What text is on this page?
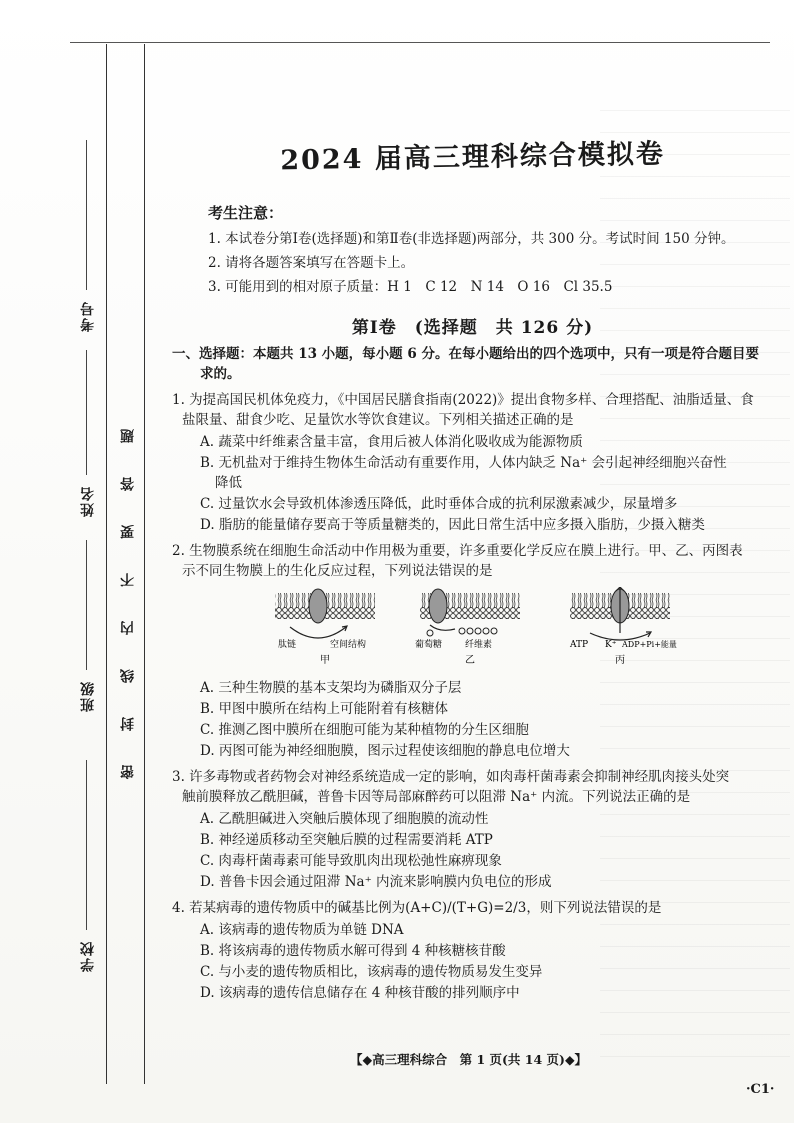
学校
班级
姓名
考号
密封线内不要答题
2024 届高三理科综合模拟卷
考生注意：
1. 本试卷分第Ⅰ卷(选择题)和第Ⅱ卷(非选择题)两部分，共 300 分。考试时间 150 分钟。
2. 请将各题答案填写在答题卡上。
3. 可能用到的相对原子质量：H 1　C 12　N 14　O 16　Cl 35.5
第Ⅰ卷　(选择题　共 126 分)
一、选择题：本题共 13 小题，每小题 6 分。在每小题给出的四个选项中，只有一项是符合题目要
求的。
1. 为提高国民机体免疫力，《中国居民膳食指南(2022)》提出食物多样、合理搭配、油脂适量、食
盐限量、甜食少吃、足量饮水等饮食建议。下列相关描述正确的是
A. 蔬菜中纤维素含量丰富，食用后被人体消化吸收成为能源物质
B. 无机盐对于维持生物体生命活动有重要作用，人体内缺乏 Na⁺ 会引起神经细胞兴奋性
降低
C. 过量饮水会导致机体渗透压降低，此时垂体合成的抗利尿激素减少，尿量增多
D. 脂肪的能量储存要高于等质量糖类的，因此日常生活中应多摄入脂肪，少摄入糖类
2. 生物膜系统在细胞生命活动中作用极为重要，许多重要化学反应在膜上进行。甲、乙、丙图表
示不同生物膜上的生化反应过程，下列说法错误的是
肽链	空间结构
甲
葡萄糖	纤维素
乙
ATP K⁺ ADP+Pi+能量
丙
A. 三种生物膜的基本支架均为磷脂双分子层
B. 甲图中膜所在结构上可能附着有核糖体
C. 推测乙图中膜所在细胞可能为某种植物的分生区细胞
D. 丙图可能为神经细胞膜，图示过程使该细胞的静息电位增大
3. 许多毒物或者药物会对神经系统造成一定的影响，如肉毒杆菌毒素会抑制神经肌肉接头处突
触前膜释放乙酰胆碱，普鲁卡因等局部麻醉药可以阻滞 Na⁺ 内流。下列说法正确的是
A. 乙酰胆碱进入突触后膜体现了细胞膜的流动性
B. 神经递质移动至突触后膜的过程需要消耗 ATP
C. 肉毒杆菌毒素可能导致肌肉出现松弛性麻痹现象
D. 普鲁卡因会通过阻滞 Na⁺ 内流来影响膜内负电位的形成
4. 若某病毒的遗传物质中的碱基比例为(A+C)/(T+G)=2/3，则下列说法错误的是
A. 该病毒的遗传物质为单链 DNA
B. 将该病毒的遗传物质水解可得到 4 种核糖核苷酸
C. 与小麦的遗传物质相比，该病毒的遗传物质易发生变异
D. 该病毒的遗传信息储存在 4 种核苷酸的排列顺序中
【◆高三理科综合　第 1 页(共 14 页)◆】
·C1·
